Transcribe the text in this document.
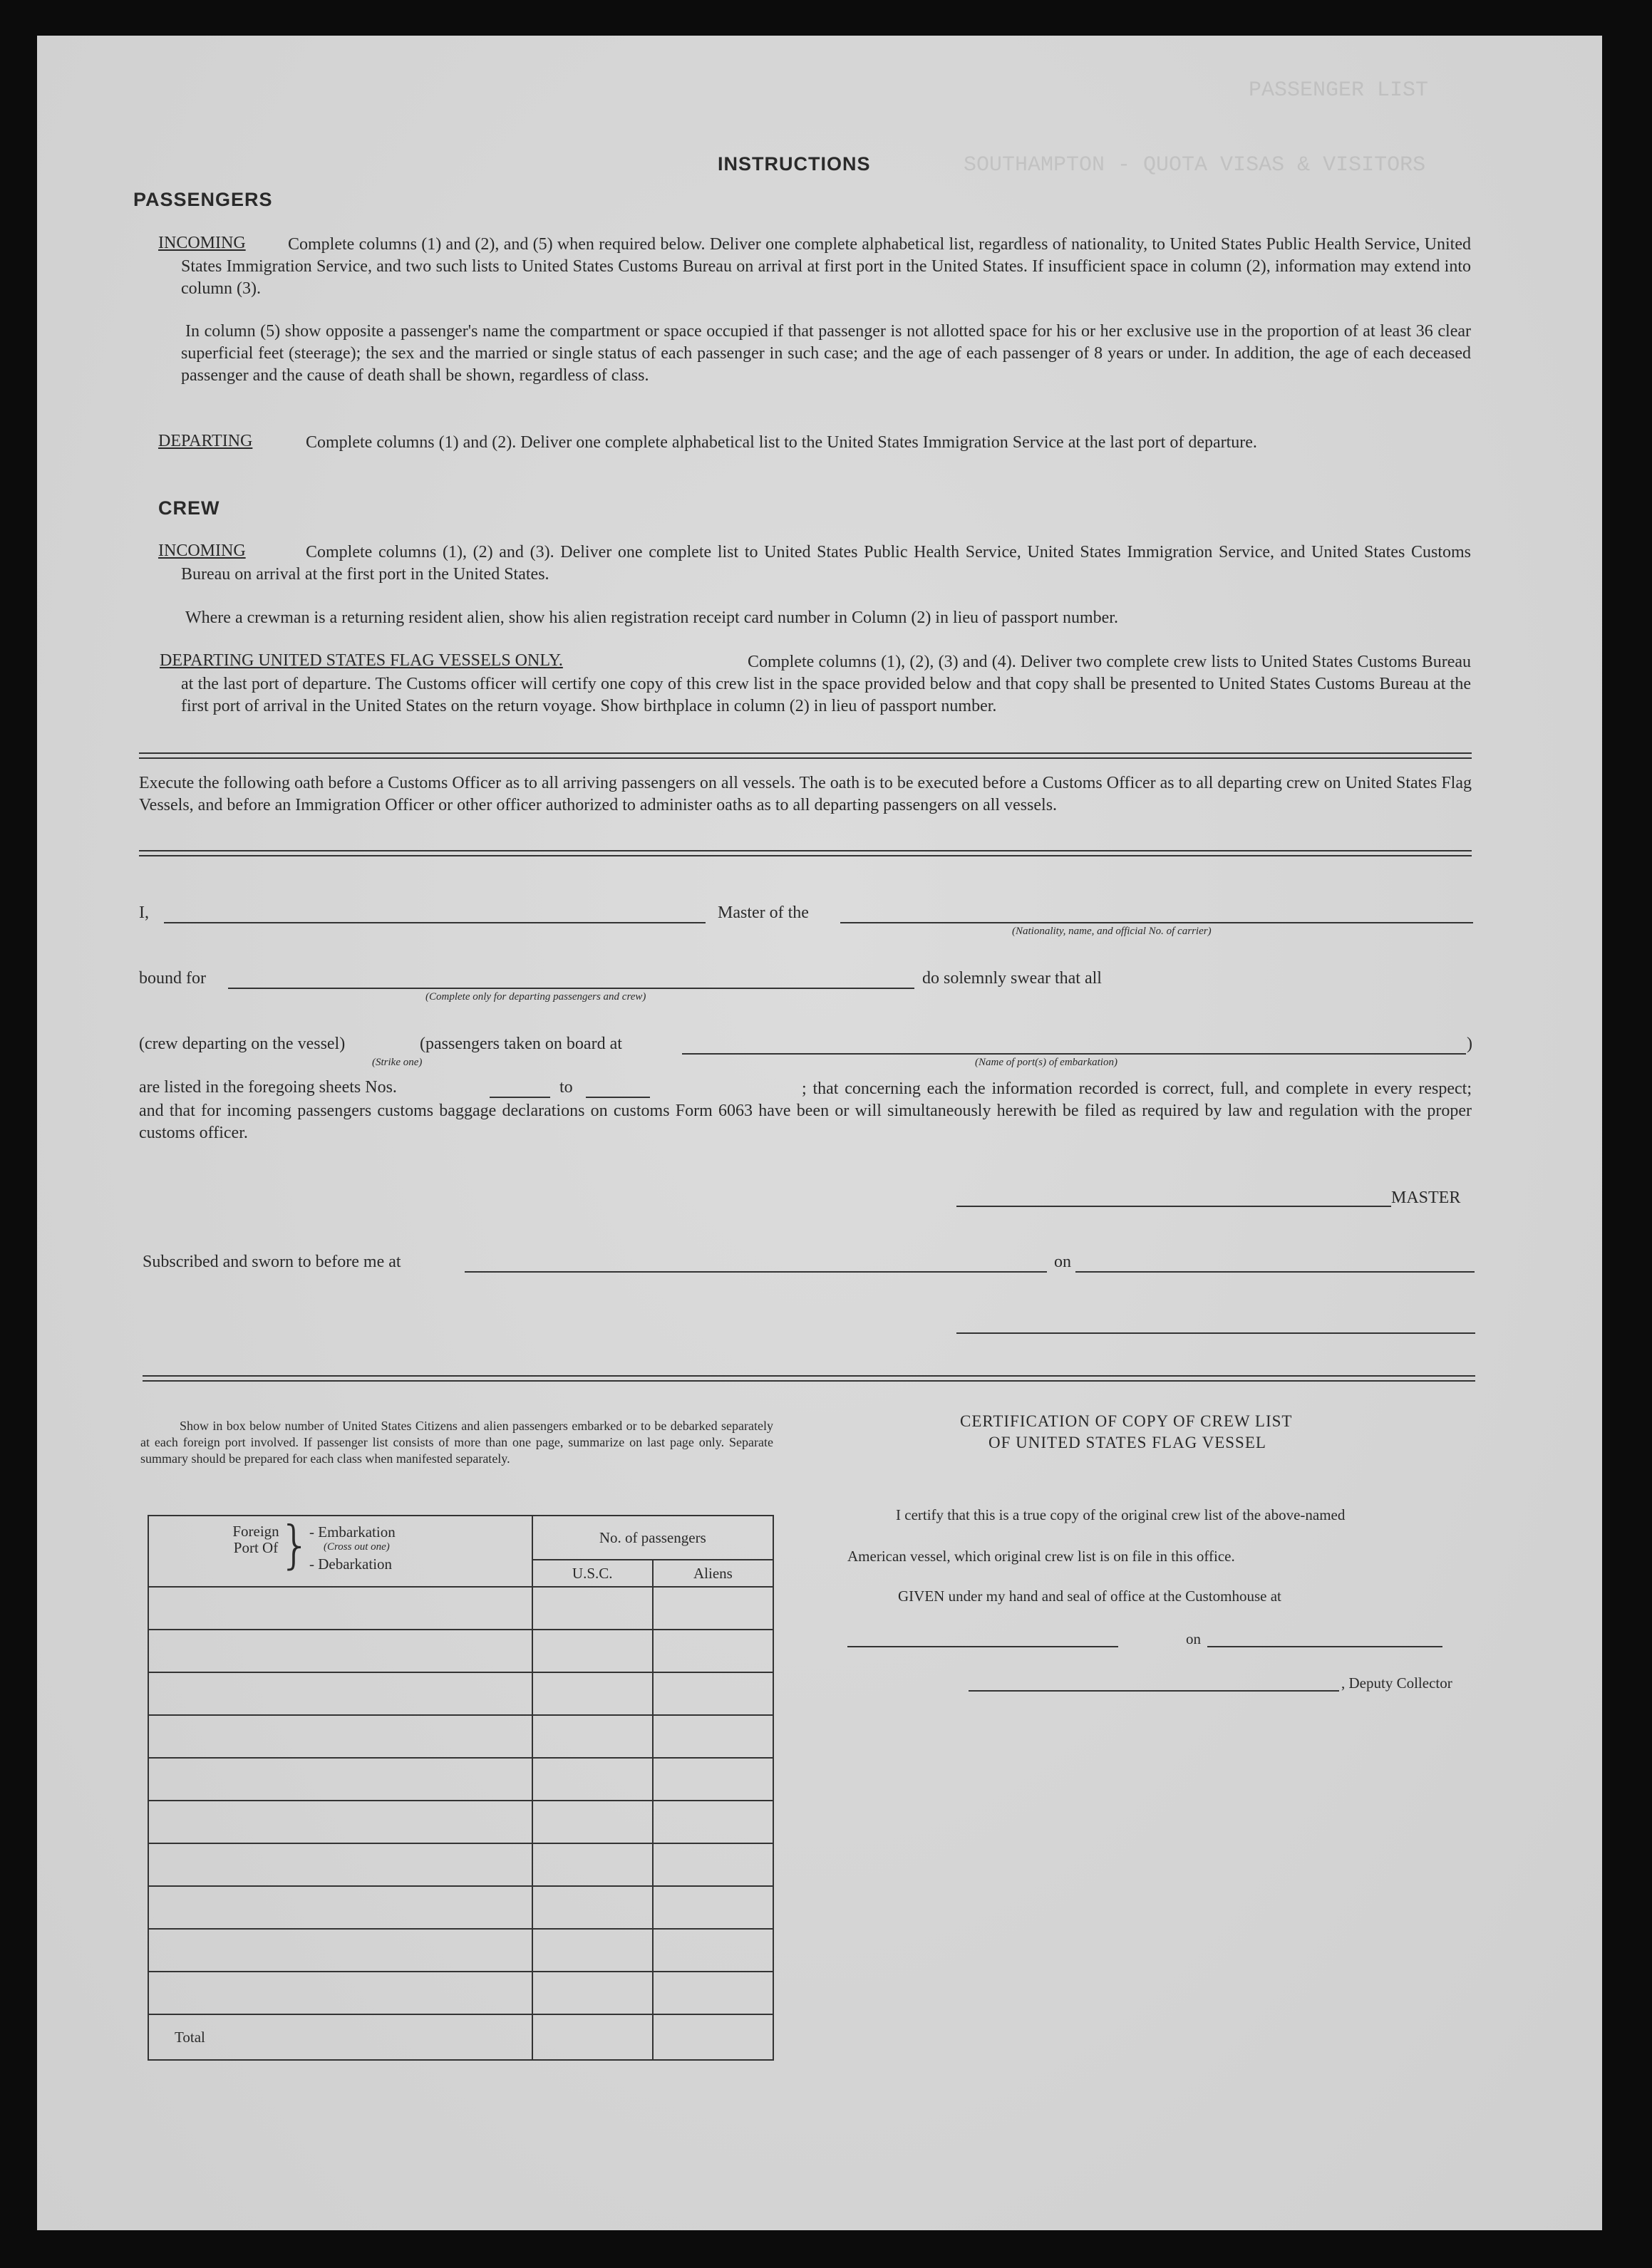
SOUTHAMPTON - QUOTA VISAS & VISITORS
PASSENGER LIST
INSTRUCTIONS
PASSENGERS
INCOMING	Complete columns (1) and (2), and (5) when required below. Deliver one complete alphabetical list, regardless of nationality, to United States Public Health Service, United States Immigration Service, and two such lists to United States Customs Bureau on arrival at first port in the United States. If insufficient space in column (2), information may extend into column (3).
In column (5) show opposite a passenger's name the compartment or space occupied if that passenger is not allotted space for his or her exclusive use in the proportion of at least 36 clear superficial feet (steerage); the sex and the married or single status of each passenger in such case; and the age of each passenger of 8 years or under. In addition, the age of each deceased passenger and the cause of death shall be shown, regardless of class.
DEPARTING	Complete columns (1) and (2). Deliver one complete alphabetical list to the United States Immigration Service at the last port of departure.
CREW
INCOMING	Complete columns (1), (2) and (3). Deliver one complete list to United States Public Health Service, United States Immigration Service, and United States Customs Bureau on arrival at the first port in the United States.
Where a crewman is a returning resident alien, show his alien registration receipt card number in Column (2) in lieu of passport number.
DEPARTING UNITED STATES FLAG VESSELS ONLY.	Complete columns (1), (2), (3) and (4). Deliver two complete crew lists to United States Customs Bureau at the last port of departure. The Customs officer will certify one copy of this crew list in the space provided below and that copy shall be presented to United States Customs Bureau at the first port of arrival in the United States on the return voyage. Show birthplace in column (2) in lieu of passport number.
Execute the following oath before a Customs Officer as to all arriving passengers on all vessels. The oath is to be executed before a Customs Officer as to all departing crew on United States Flag Vessels, and before an Immigration Officer or other officer authorized to administer oaths as to all departing passengers on all vessels.
I,	Master of the
(Nationality, name, and official No. of carrier)
bound for	do solemnly swear that all
(Complete only for departing passengers and crew)
(crew departing on the vessel)	(passengers taken on board at	)
(Strike one)	(Name of port(s) of embarkation)
; that concerning each the information recorded is correct, full, and complete in every respect; and that for incoming passengers customs baggage declarations on customs Form 6063 have been or will simultaneously herewith be filed as required by law and regulation with the proper customs officer.
are listed in the foregoing sheets Nos.	to
MASTER
Subscribed and sworn to before me at	on
Show in box below number of United States Citizens and alien passengers embarked or to be debarked separately at each foreign port involved. If passenger list consists of more than one page, summarize on last page only. Separate summary should be prepared for each class when manifested separately.
Foreign Port Of }
- Embarkation
(Cross out one)
- Debarkation	No. of passengers	
	U.S.C.	Aliens

Total		
CERTIFICATION OF COPY OF CREW LIST
OF UNITED STATES FLAG VESSEL
I certify that this is a true copy of the original crew list of the above-named
American vessel, which original crew list is on file in this office.
GIVEN under my hand and seal of office at the Customhouse at
on
, Deputy Collector
